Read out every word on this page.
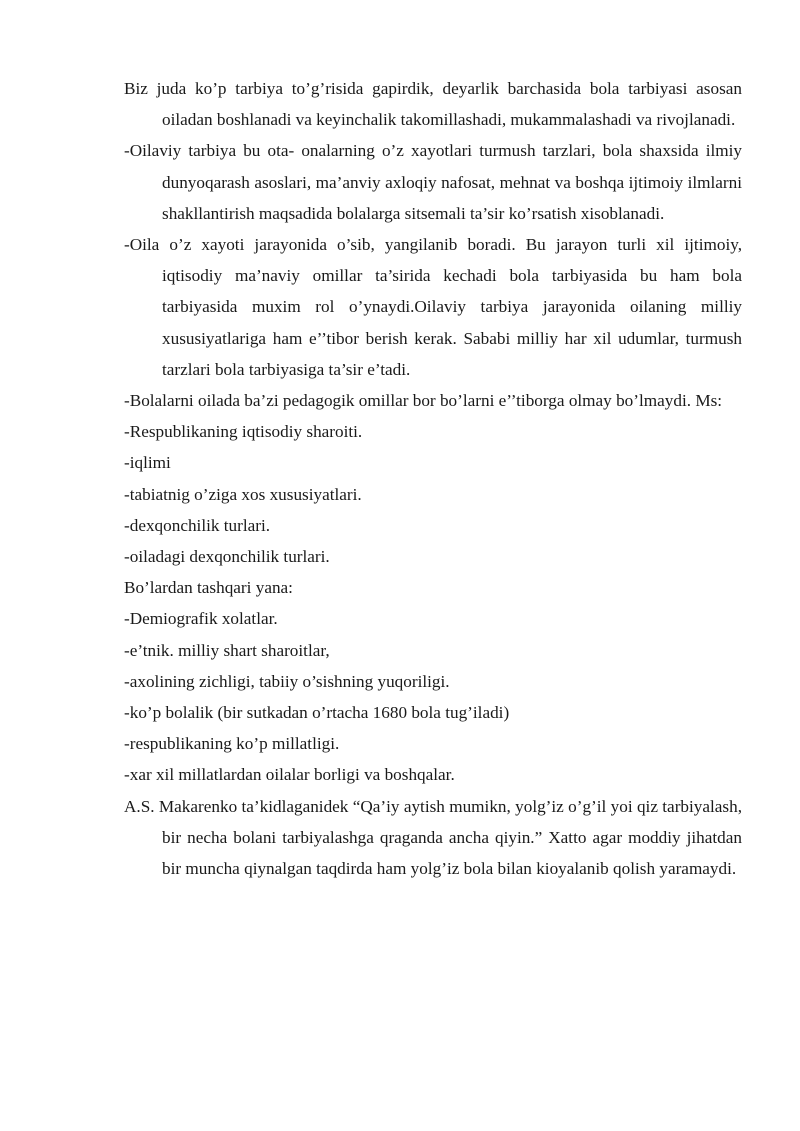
Biz juda ko’p tarbiya to’g’risida gapirdik, deyarlik barchasida bola tarbiyasi asosan oiladan boshlanadi va keyinchalik takomillashadi, mukammalashadi va rivojlanadi.

-Oilaviy tarbiya bu ota- onalarning o’z xayotlari turmush tarzlari, bola shaxsida ilmiy dunyoqarash asoslari, ma’anviy axloqiy nafosat, mehnat va boshqa ijtimoiy ilmlarni shakllantirish maqsadida bolalarga sitsemali ta’sir ko’rsatish xisoblanadi.

-Oila o’z xayoti jarayonida o’sib, yangilanib boradi. Bu jarayon turli xil ijtimoiy, iqtisodiy ma’naviy omillar ta’sirida kechadi bola tarbiyasida bu ham bola tarbiyasida muxim rol o’ynaydi.Oilaviy tarbiya jarayonida oilaning milliy xususiyatlariga ham e’’tibor berish kerak. Sababi milliy har xil udumlar, turmush tarzlari bola tarbiyasiga ta’sir e’tadi.

-Bolalarni oilada ba’zi pedagogik omillar bor bo’larni e’’tiborga olmay bo’lmaydi. Ms:

-Respublikaning iqtisodiy sharoiti.

-iqlimi

-tabiatnig o’ziga xos xususiyatlari.

-dexqonchilik turlari.

-oiladagi dexqonchilik turlari.

Bo’lardan tashqari yana:

-Demiografik xolatlar.

-e’tnik. milliy shart sharoitlar,

-axolining zichligi, tabiiy o’sishning yuqoriligi.

-ko’p bolalik (bir sutkadan o’rtacha 1680 bola tug’iladi)

-respublikaning ko’p millatligi.

-xar xil millatlardan oilalar borligi va boshqalar.

A.S. Makarenko ta’kidlaganidek “Qa’iy aytish mumikn, yolg’iz o’g’il yoi qiz tarbiyalash, bir necha bolani tarbiyalashga qraganda ancha qiyin.” Xatto agar moddiy jihatdan bir muncha qiynalgan taqdirda ham yolg’iz bola bilan kioyalanib qolish yaramaydi.
